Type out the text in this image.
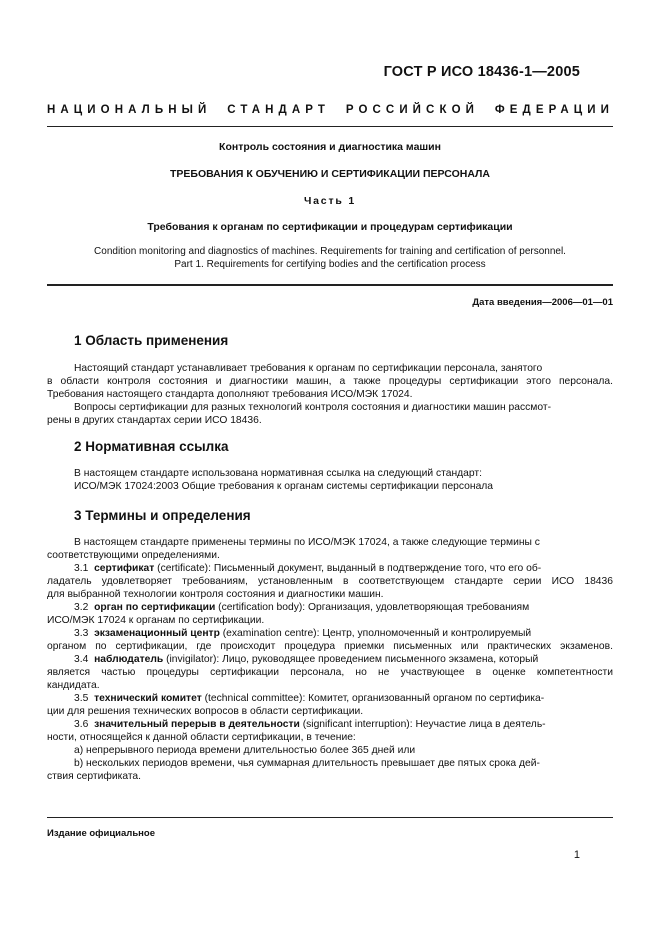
ГОСТ Р ИСО 18436-1—2005
НАЦИОНАЛЬНЫЙ СТАНДАРТ РОССИЙСКОЙ ФЕДЕРАЦИИ
Контроль состояния и диагностика машин
ТРЕБОВАНИЯ К ОБУЧЕНИЮ И СЕРТИФИКАЦИИ ПЕРСОНАЛА
Часть 1
Требования к органам по сертификации и процедурам сертификации
Condition monitoring and diagnostics of machines. Requirements for training and certification of personnel.
Part 1. Requirements for certifying bodies and the certification process
Дата введения—2006—01—01
1 Область применения
Настоящий стандарт устанавливает требования к органам по сертификации персонала, занятого
в области контроля состояния и диагностики машин, а также процедуры сертификации этого персонала.
Требования настоящего стандарта дополняют требования ИСО/МЭК 17024.
Вопросы сертификации для разных технологий контроля состояния и диагностики машин рассмот-
рены в других стандартах серии ИСО 18436.
2 Нормативная ссылка
В настоящем стандарте использована нормативная ссылка на следующий стандарт:
ИСО/МЭК 17024:2003 Общие требования к органам системы сертификации персонала
3 Термины и определения
В настоящем стандарте применены термины по ИСО/МЭК 17024, а также следующие термины с
соответствующими определениями.
3.1 сертификат (certificate): Письменный документ, выданный в подтверждение того, что его об-
ладатель удовлетворяет требованиям, установленным в соответствующем стандарте серии ИСО 18436
для выбранной технологии контроля состояния и диагностики машин.
3.2 орган по сертификации (certification body): Организация, удовлетворяющая требованиям
ИСО/МЭК 17024 к органам по сертификации.
3.3 экзаменационный центр (examination centre): Центр, уполномоченный и контролируемый
органом по сертификации, где происходит процедура приемки письменных или практических экзаменов.
3.4 наблюдатель (invigilator): Лицо, руководящее проведением письменного экзамена, который
является частью процедуры сертификации персонала, но не участвующее в оценке компетентности
кандидата.
3.5 технический комитет (technical committee): Комитет, организованный органом по сертифика-
ции для решения технических вопросов в области сертификации.
3.6 значительный перерыв в деятельности (significant interruption): Неучастие лица в деятель-
ности, относящейся к данной области сертификации, в течение:
a) непрерывного периода времени длительностью более 365 дней или
b) нескольких периодов времени, чья суммарная длительность превышает две пятых срока дей-
ствия сертификата.
Издание официальное
1
